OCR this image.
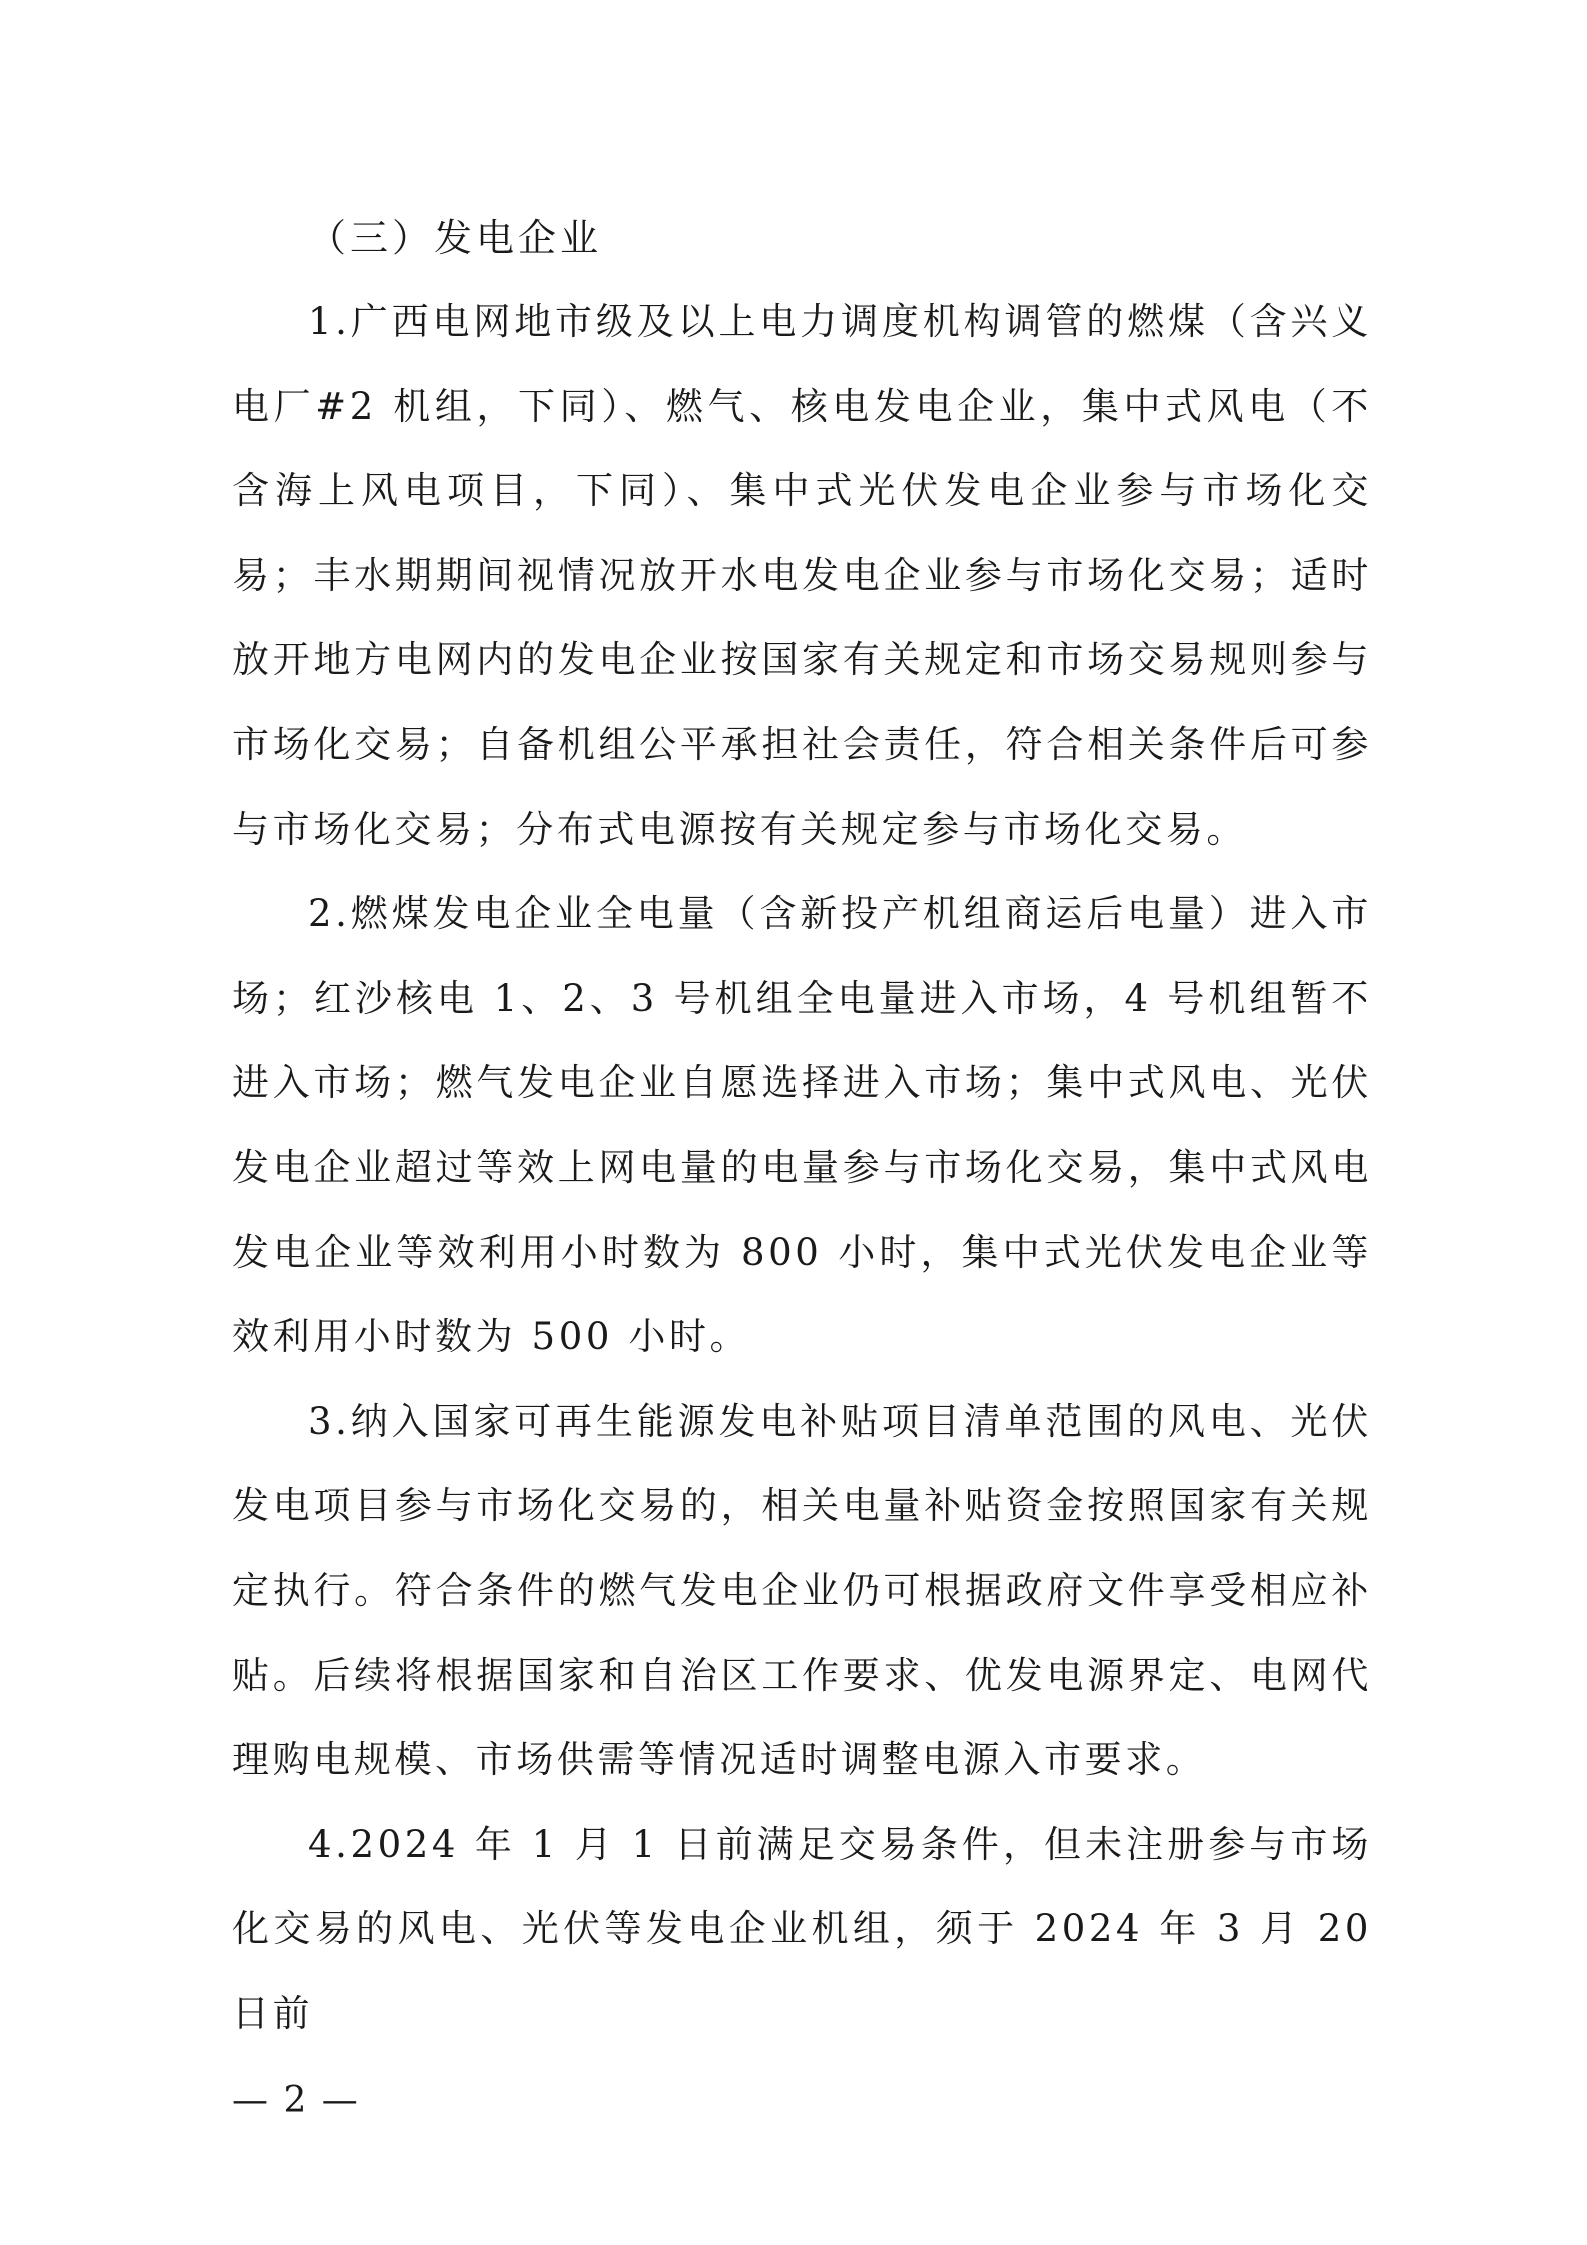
（三）发电企业

1.广西电网地市级及以上电力调度机构调管的燃煤（含兴义电厂#2 机组，下同）、燃气、核电发电企业，集中式风电（不含海上风电项目，下同）、集中式光伏发电企业参与市场化交易；丰水期期间视情况放开水电发电企业参与市场化交易；适时放开地方电网内的发电企业按国家有关规定和市场交易规则参与市场化交易；自备机组公平承担社会责任，符合相关条件后可参与市场化交易；分布式电源按有关规定参与市场化交易。

2.燃煤发电企业全电量（含新投产机组商运后电量）进入市场；红沙核电 1、2、3 号机组全电量进入市场，4 号机组暂不进入市场；燃气发电企业自愿选择进入市场；集中式风电、光伏发电企业超过等效上网电量的电量参与市场化交易，集中式风电发电企业等效利用小时数为 800 小时，集中式光伏发电企业等效利用小时数为 500 小时。

3.纳入国家可再生能源发电补贴项目清单范围的风电、光伏发电项目参与市场化交易的，相关电量补贴资金按照国家有关规定执行。符合条件的燃气发电企业仍可根据政府文件享受相应补贴。后续将根据国家和自治区工作要求、优发电源界定、电网代理购电规模、市场供需等情况适时调整电源入市要求。

4.2024 年 1 月 1 日前满足交易条件，但未注册参与市场化交易的风电、光伏等发电企业机组，须于 2024 年 3 月 20 日前

— 2 —
